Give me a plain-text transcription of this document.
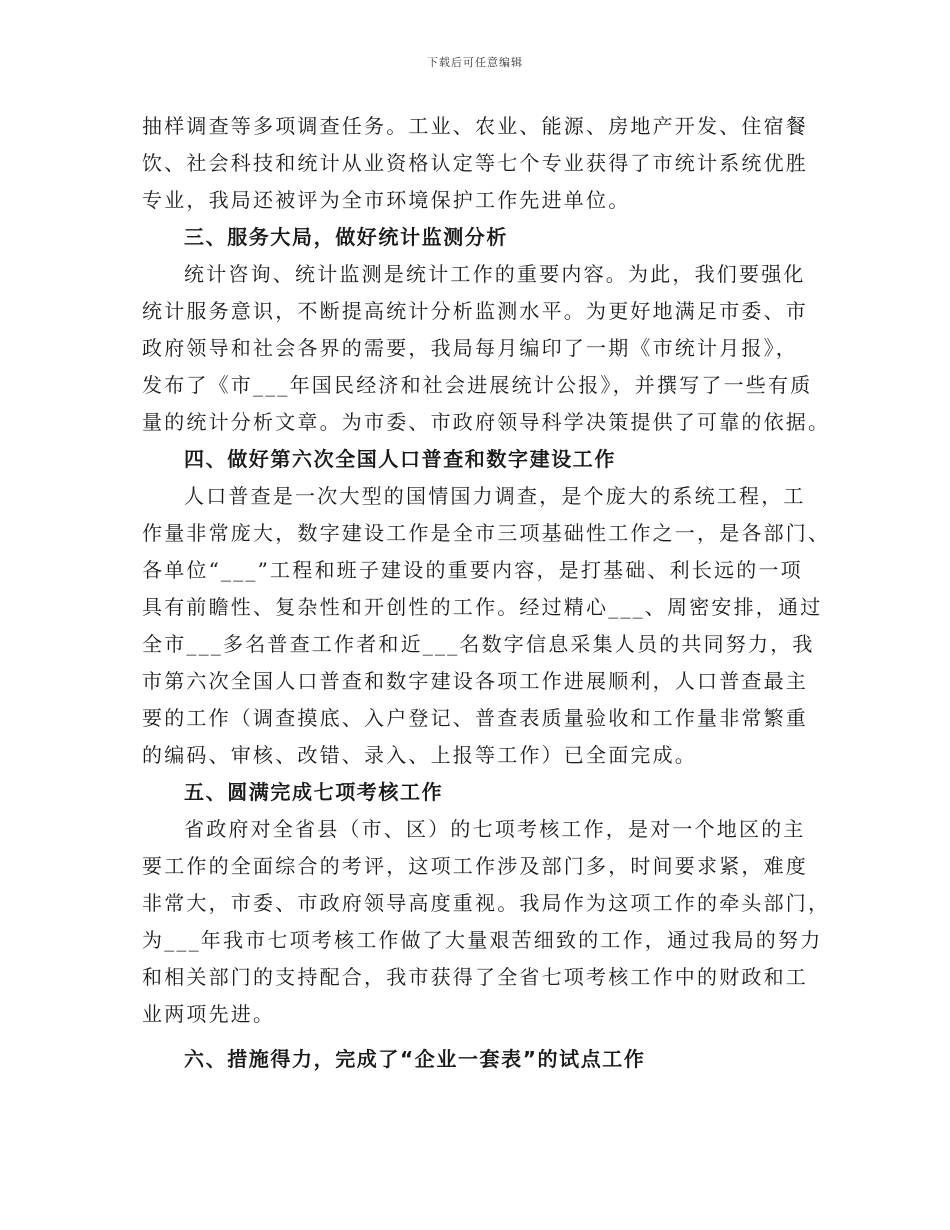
下载后可任意编辑
抽样调查等多项调查任务。工业、农业、能源、房地产开发、住宿餐
饮、社会科技和统计从业资格认定等七个专业获得了市统计系统优胜
专业，我局还被评为全市环境保护工作先进单位。
三、服务大局，做好统计监测分析
统计咨询、统计监测是统计工作的重要内容。为此，我们要强化
统计服务意识，不断提高统计分析监测水平。为更好地满足市委、市
政府领导和社会各界的需要，我局每月编印了一期《市统计月报》，
发布了《市___年国民经济和社会进展统计公报》，并撰写了一些有质
量的统计分析文章。为市委、市政府领导科学决策提供了可靠的依据。
四、做好第六次全国人口普查和数字建设工作
人口普查是一次大型的国情国力调查，是个庞大的系统工程，工
作量非常庞大，数字建设工作是全市三项基础性工作之一，是各部门、
各单位“___”工程和班子建设的重要内容，是打基础、利长远的一项
具有前瞻性、复杂性和开创性的工作。经过精心___、周密安排，通过
全市___多名普查工作者和近___名数字信息采集人员的共同努力，我
市第六次全国人口普查和数字建设各项工作进展顺利，人口普查最主
要的工作（调查摸底、入户登记、普查表质量验收和工作量非常繁重
的编码、审核、改错、录入、上报等工作）已全面完成。
五、圆满完成七项考核工作
省政府对全省县（市、区）的七项考核工作，是对一个地区的主
要工作的全面综合的考评，这项工作涉及部门多，时间要求紧，难度
非常大，市委、市政府领导高度重视。我局作为这项工作的牵头部门，
为___年我市七项考核工作做了大量艰苦细致的工作，通过我局的努力
和相关部门的支持配合，我市获得了全省七项考核工作中的财政和工
业两项先进。
六、措施得力，完成了“企业一套表”的试点工作
